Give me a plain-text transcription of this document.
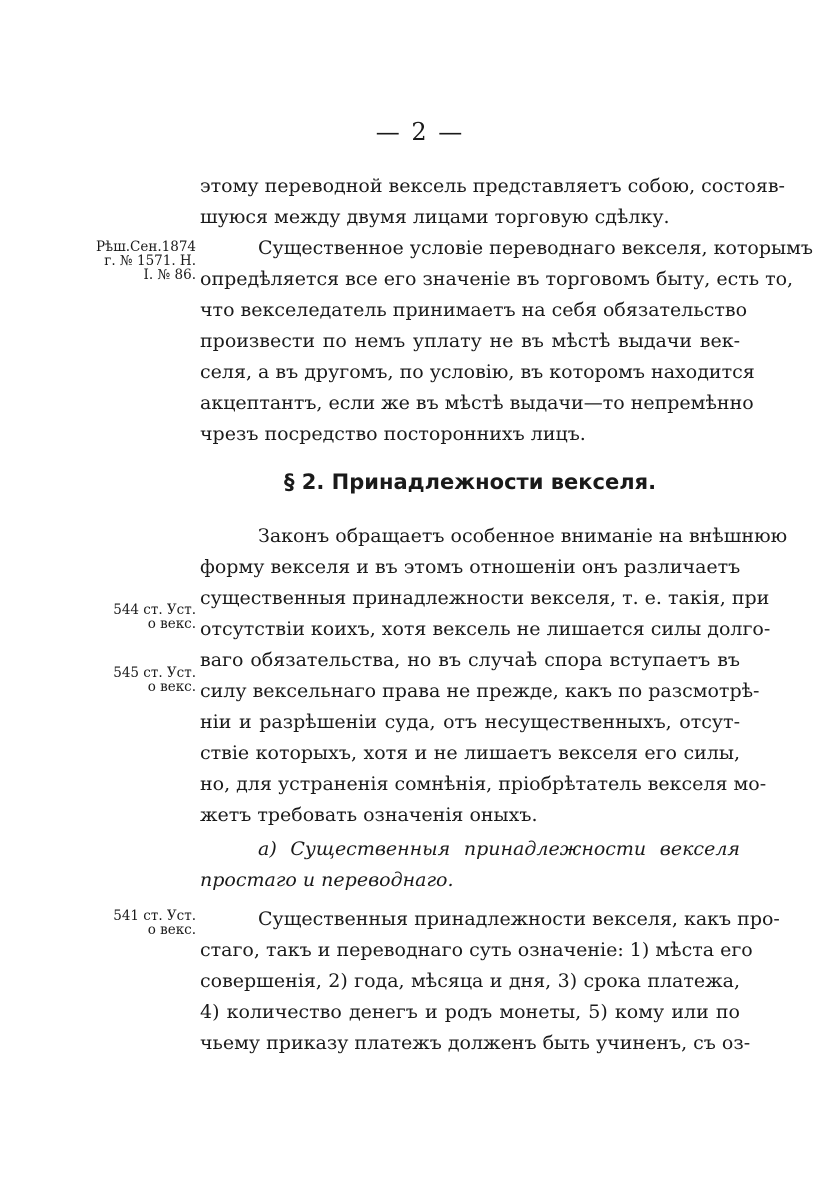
— 2 —
этому переводной вексель представляетъ собою, состояв-
шуюся между двумя лицами торговую сдѣлку.
Существенное условіе переводнаго векселя, которымъ
опредѣляется все его значеніе въ торговомъ быту, есть то,
что векселедатель принимаетъ на себя обязательство
произвести по немъ уплату не въ мѣстѣ выдачи век-
селя, а въ другомъ, по условію, въ которомъ находится
акцептантъ, если же въ мѣстѣ выдачи—то непремѣнно
чрезъ посредство постороннихъ лицъ.
§ 2. Принадлежности векселя.
Законъ обращаетъ особенное вниманіе на внѣшнюю
форму векселя и въ этомъ отношеніи онъ различаетъ
существенныя принадлежности векселя, т. е. такія, при
отсутствіи коихъ, хотя вексель не лишается силы долго-
ваго обязательства, но въ случаѣ спора вступаетъ въ
силу вексельнаго права не прежде, какъ по разсмотрѣ-
ніи и разрѣшеніи суда, отъ несущественныхъ, отсут-
ствіе которыхъ, хотя и не лишаетъ векселя его силы,
но, для устраненія сомнѣнія, пріобрѣтатель векселя мо-
жетъ требовать означенія оныхъ.
а) Существенныя принадлежности векселя
простаго и переводнаго.
Существенныя принадлежности векселя, какъ про-
стаго, такъ и переводнаго суть означеніе: 1) мѣста его
совершенія, 2) года, мѣсяца и дня, 3) срока платежа,
4) количество денегъ и родъ монеты, 5) кому или по
чьему приказу платежъ долженъ быть учиненъ, съ оз-
Рѣш.Сен.1874
г. № 1571. Н.
I. № 86.
544 ст. Уст.
о векс.
545 ст. Уст.
о векс.
541 ст. Уст.
о векс.
